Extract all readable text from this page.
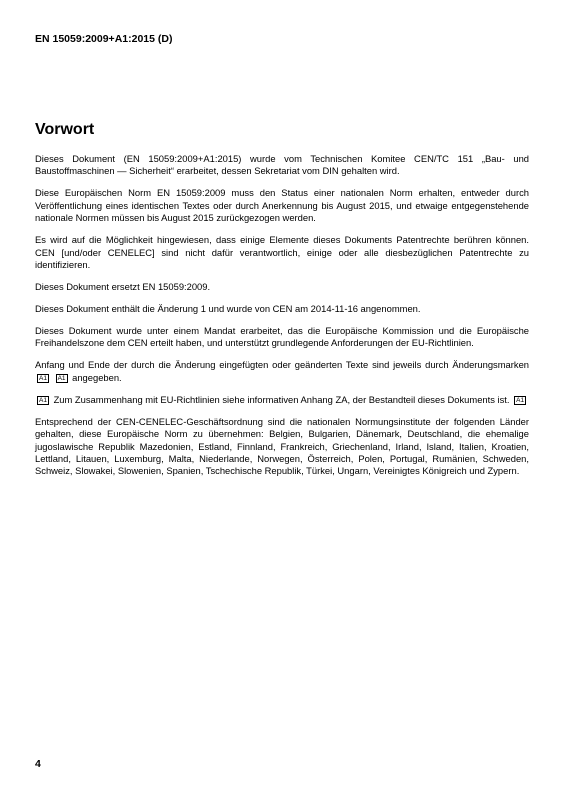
EN 15059:2009+A1:2015 (D)
Vorwort

Dieses Dokument (EN 15059:2009+A1:2015) wurde vom Technischen Komitee CEN/TC 151 „Bau- und Baustoffmaschinen — Sicherheit“ erarbeitet, dessen Sekretariat vom DIN gehalten wird.

Diese Europäischen Norm EN 15059:2009 muss den Status einer nationalen Norm erhalten, entweder durch Veröffentlichung eines identischen Textes oder durch Anerkennung bis August 2015, und etwaige entgegenstehende nationale Normen müssen bis August 2015 zurückgezogen werden.

Es wird auf die Möglichkeit hingewiesen, dass einige Elemente dieses Dokuments Patentrechte berühren können. CEN [und/oder CENELEC] sind nicht dafür verantwortlich, einige oder alle diesbezüglichen Patentrechte zu identifizieren.

Dieses Dokument ersetzt EN 15059:2009.

Dieses Dokument enthält die Änderung 1 und wurde von CEN am 2014-11-16 angenommen.

Dieses Dokument wurde unter einem Mandat erarbeitet, das die Europäische Kommission und die Europäische Freihandelszone dem CEN erteilt haben, und unterstützt grundlegende Anforderungen der EU-Richtlinien.

Anfang und Ende der durch die Änderung eingefügten oder geänderten Texte sind jeweils durch Änderungsmarken A1 A1 angegeben.

A1 Zum Zusammenhang mit EU-Richtlinien siehe informativen Anhang ZA, der Bestandteil dieses Dokuments ist. A1

Entsprechend der CEN-CENELEC-Geschäftsordnung sind die nationalen Normungsinstitute der folgenden Länder gehalten, diese Europäische Norm zu übernehmen: Belgien, Bulgarien, Dänemark, Deutschland, die ehemalige jugoslawische Republik Mazedonien, Estland, Finnland, Frankreich, Griechenland, Irland, Island, Italien, Kroatien, Lettland, Litauen, Luxemburg, Malta, Niederlande, Norwegen, Österreich, Polen, Portugal, Rumänien, Schweden, Schweiz, Slowakei, Slowenien, Spanien, Tschechische Republik, Türkei, Ungarn, Vereinigtes Königreich und Zypern.

4
